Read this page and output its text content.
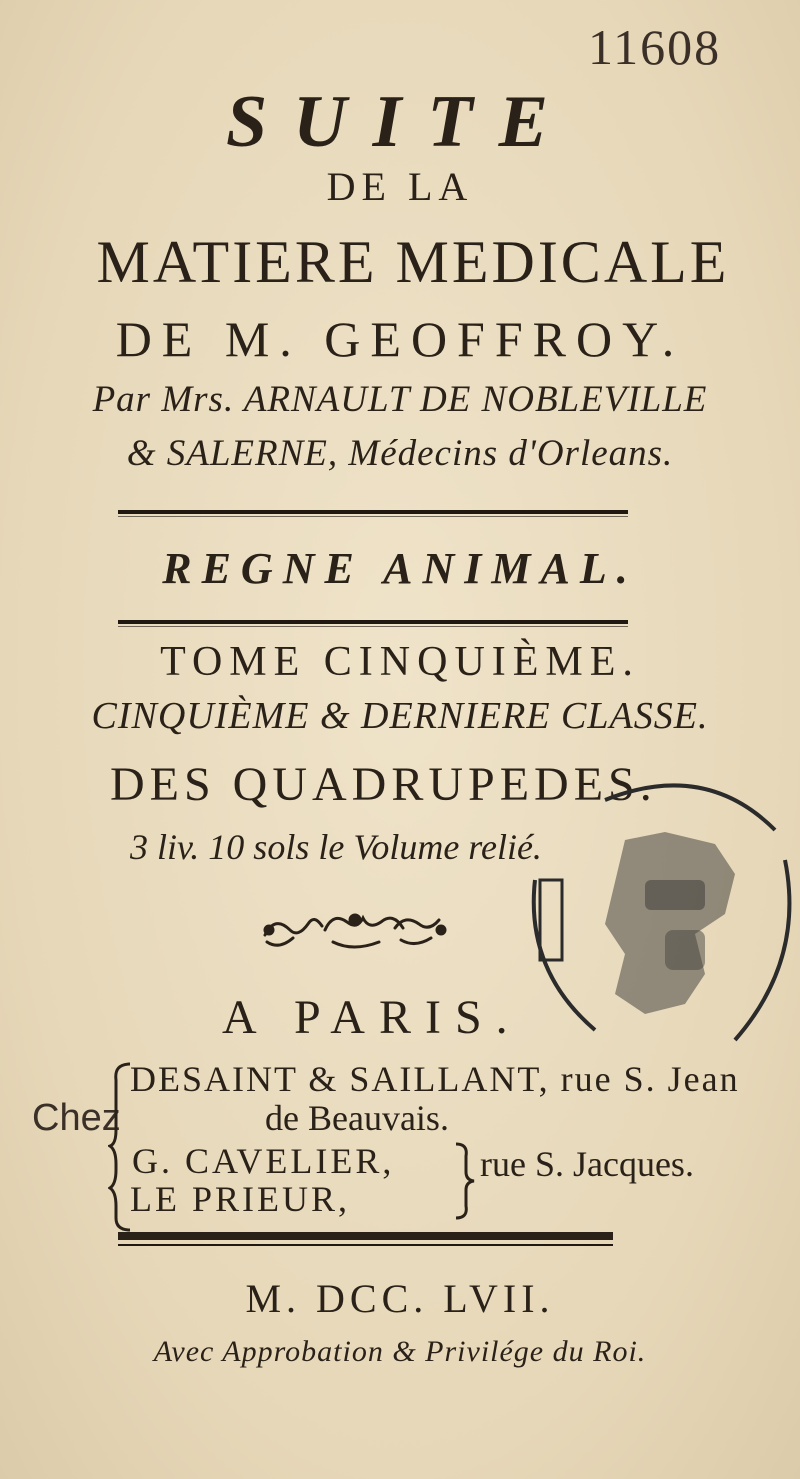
11608
SUITE
DE LA
MATIERE MEDICALE
DE M. GEOFFROY.
Par Mrs. ARNAULT DE NOBLEVILLE
& SALERNE, Médecins d'Orleans.
REGNE ANIMAL.
TOME CINQUIÈME.
CINQUIÈME & DERNIERE CLASSE.
DES QUADRUPEDES.
3 liv. 10 sols le Volume relié.
A PARIS.
Chez
DESAINT & SAILLANT, rue S. Jean
de Beauvais.
G. CAVELIER,
LE PRIEUR,
rue S. Jacques.
M. DCC. LVII.
Avec Approbation & Privilége du Roi.
